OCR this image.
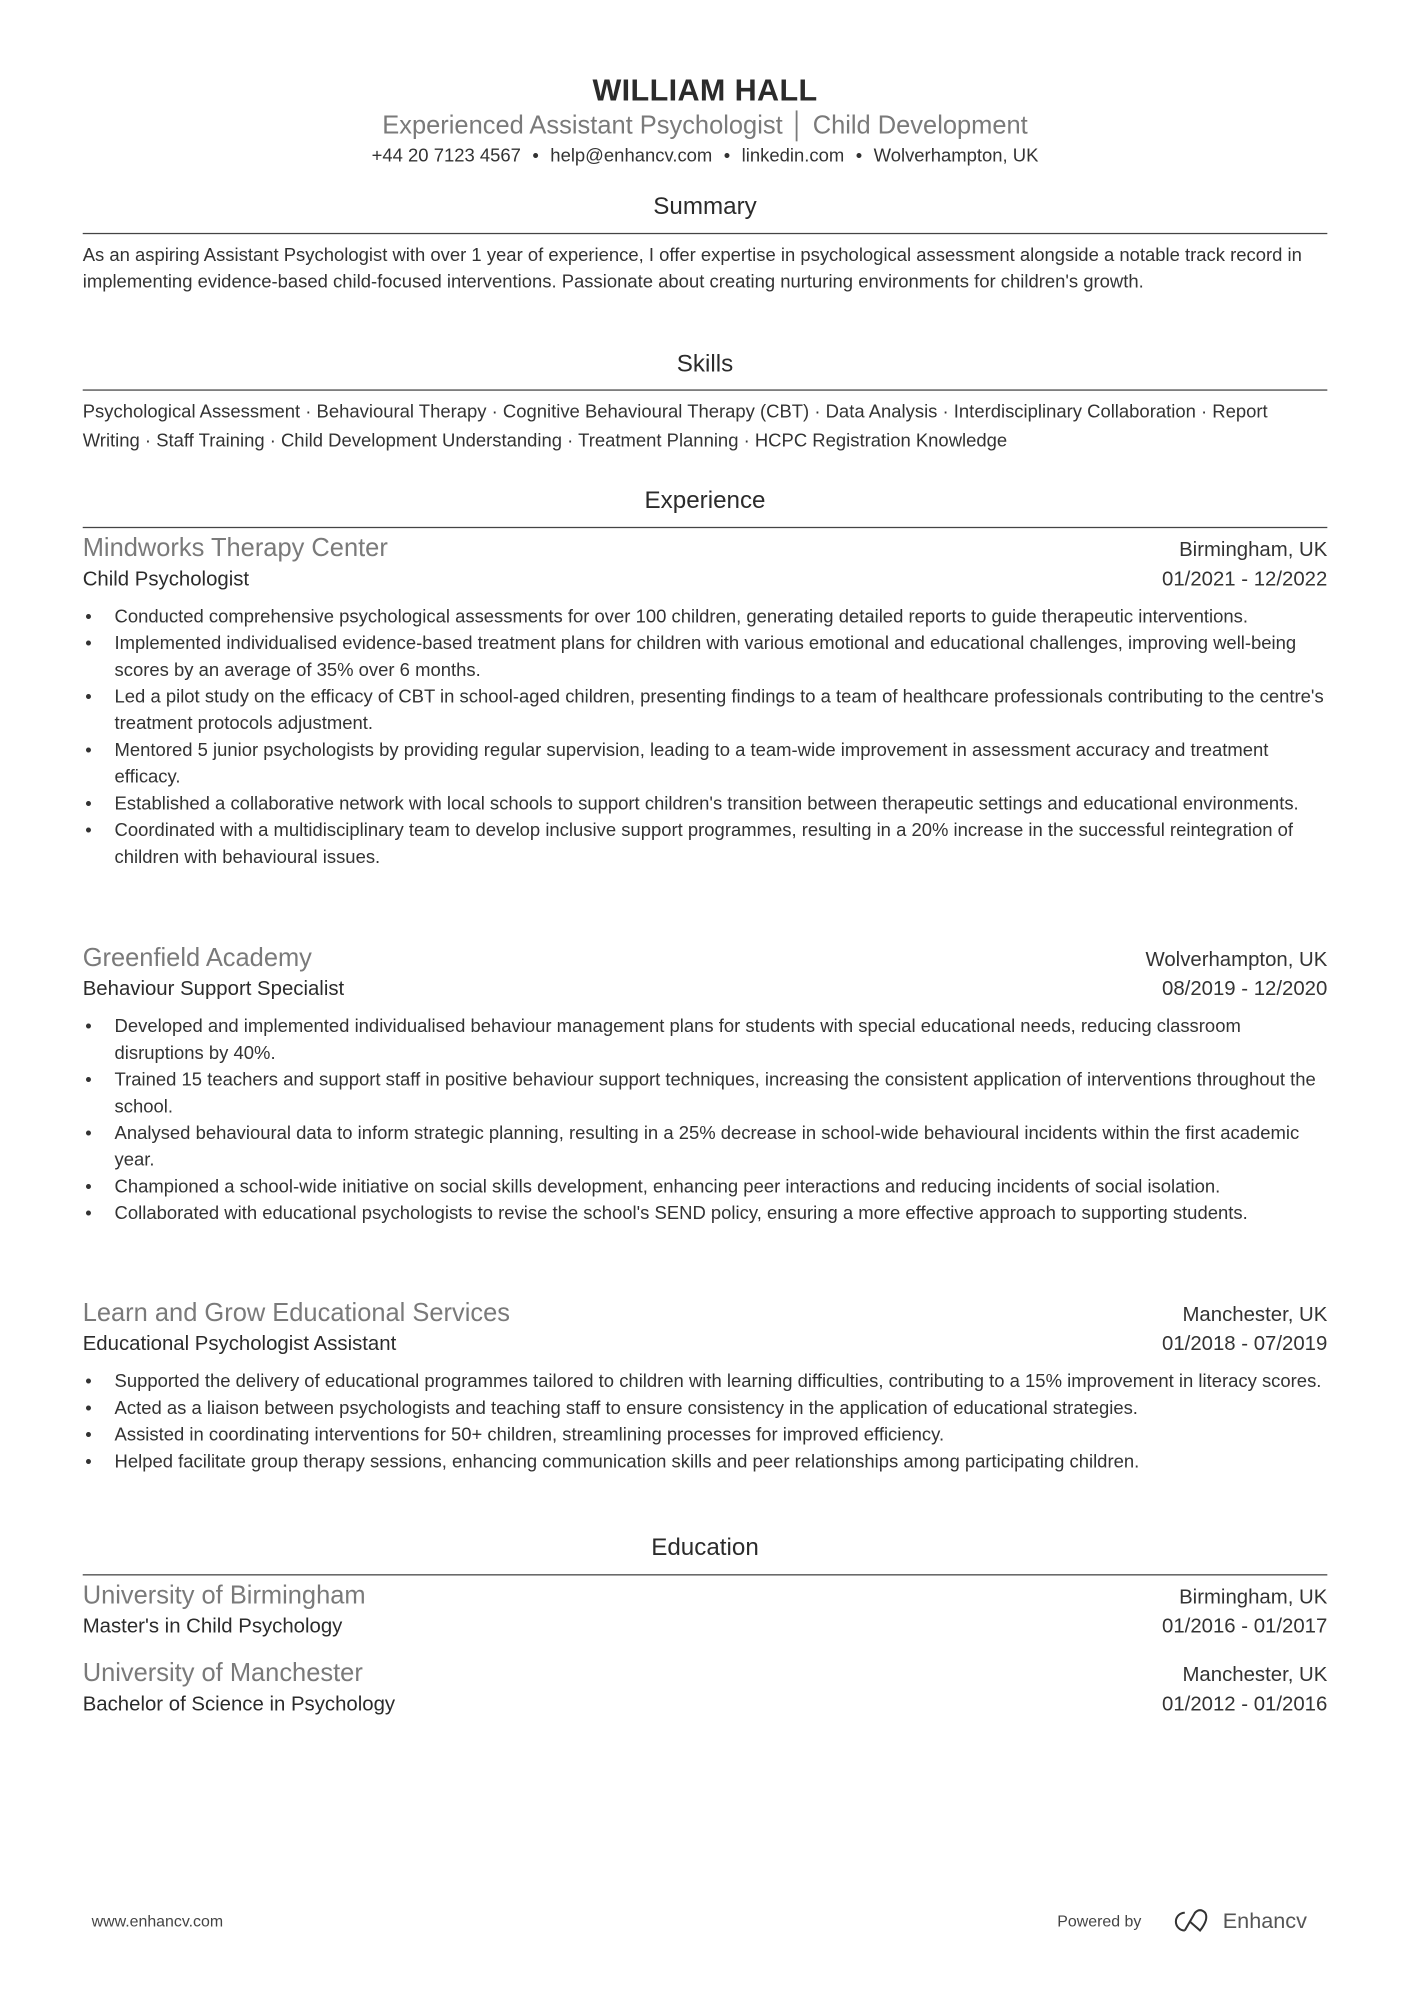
WILLIAM HALL
Experienced Assistant Psychologist │ Child Development
+44 20 7123 4567 • help@enhancv.com • linkedin.com • Wolverhampton, UK
Summary
As an aspiring Assistant Psychologist with over 1 year of experience, I offer expertise in psychological assessment alongside a notable track record in implementing evidence-based child-focused interventions. Passionate about creating nurturing environments for children's growth.
Skills
Psychological Assessment · Behavioural Therapy · Cognitive Behavioural Therapy (CBT) · Data Analysis · Interdisciplinary Collaboration · Report Writing · Staff Training · Child Development Understanding · Treatment Planning · HCPC Registration Knowledge
Experience
Mindworks Therapy Center	Birmingham, UK
Child Psychologist	01/2021 - 12/2022
• Conducted comprehensive psychological assessments for over 100 children, generating detailed reports to guide therapeutic interventions.
• Implemented individualised evidence-based treatment plans for children with various emotional and educational challenges, improving well-being scores by an average of 35% over 6 months.
• Led a pilot study on the efficacy of CBT in school-aged children, presenting findings to a team of healthcare professionals contributing to the centre's treatment protocols adjustment.
• Mentored 5 junior psychologists by providing regular supervision, leading to a team-wide improvement in assessment accuracy and treatment efficacy.
• Established a collaborative network with local schools to support children's transition between therapeutic settings and educational environments.
• Coordinated with a multidisciplinary team to develop inclusive support programmes, resulting in a 20% increase in the successful reintegration of children with behavioural issues.
Greenfield Academy	Wolverhampton, UK
Behaviour Support Specialist	08/2019 - 12/2020
• Developed and implemented individualised behaviour management plans for students with special educational needs, reducing classroom disruptions by 40%.
• Trained 15 teachers and support staff in positive behaviour support techniques, increasing the consistent application of interventions throughout the school.
• Analysed behavioural data to inform strategic planning, resulting in a 25% decrease in school-wide behavioural incidents within the first academic year.
• Championed a school-wide initiative on social skills development, enhancing peer interactions and reducing incidents of social isolation.
• Collaborated with educational psychologists to revise the school's SEND policy, ensuring a more effective approach to supporting students.
Learn and Grow Educational Services	Manchester, UK
Educational Psychologist Assistant	01/2018 - 07/2019
• Supported the delivery of educational programmes tailored to children with learning difficulties, contributing to a 15% improvement in literacy scores.
• Acted as a liaison between psychologists and teaching staff to ensure consistency in the application of educational strategies.
• Assisted in coordinating interventions for 50+ children, streamlining processes for improved efficiency.
• Helped facilitate group therapy sessions, enhancing communication skills and peer relationships among participating children.
Education
University of Birmingham	Birmingham, UK
Master's in Child Psychology	01/2016 - 01/2017
University of Manchester	Manchester, UK
Bachelor of Science in Psychology	01/2012 - 01/2016
www.enhancv.com	Powered by	Enhancv
